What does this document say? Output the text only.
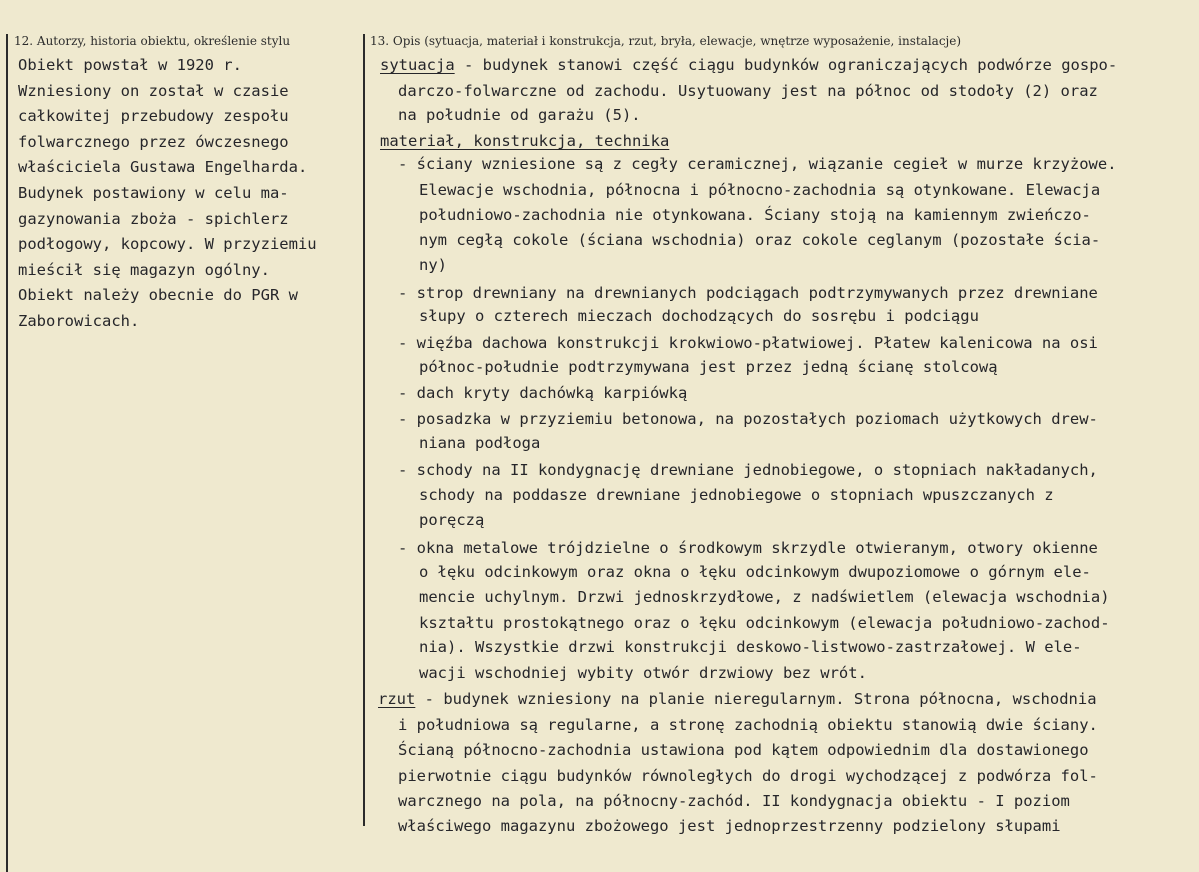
12. Autorzy, historia obiektu, określenie stylu	13. Opis (sytuacja, materiał i konstrukcja, rzut, bryła, elewacje, wnętrze wyposażenie, instalacje)
Obiekt powstał w 1920 r.
Wzniesiony on został w czasie
całkowitej przebudowy zespołu
folwarcznego przez ówczesnego
właściciela Gustawa Engelharda.
Budynek postawiony w celu ma-
gazynowania zboża - spichlerz
podłogowy, kopcowy. W przyziemiu
mieścił się magazyn ogólny.
Obiekt należy obecnie do PGR w
Zaborowicach.
sytuacja - budynek stanowi część ciągu budynków ograniczających podwórze gospo-
darczo-folwarczne od zachodu. Usytuowany jest na północ od stodoły (2) oraz
na południe od garażu (5).
materiał, konstrukcja, technika
- ściany wzniesione są z cegły ceramicznej, wiązanie cegieł w murze krzyżowe.
Elewacje wschodnia, północna i północno-zachodnia są otynkowane. Elewacja
południowo-zachodnia nie otynkowana. Ściany stoją na kamiennym zwieńczo-
nym cegłą cokole (ściana wschodnia) oraz cokole ceglanym (pozostałe ścia-
ny)
- strop drewniany na drewnianych podciągach podtrzymywanych przez drewniane
słupy o czterech mieczach dochodzących do sosrębu i podciągu
- więźba dachowa konstrukcji krokwiowo-płatwiowej. Płatew kalenicowa na osi
północ-południe podtrzymywana jest przez jedną ścianę stolcową
- dach kryty dachówką karpiówką
- posadzka w przyziemiu betonowa, na pozostałych poziomach użytkowych drew-
niana podłoga
- schody na II kondygnację drewniane jednobiegowe, o stopniach nakładanych,
schody na poddasze drewniane jednobiegowe o stopniach wpuszczanych z
poręczą
- okna metalowe trójdzielne o środkowym skrzydle otwieranym, otwory okienne
o łęku odcinkowym oraz okna o łęku odcinkowym dwupoziomowe o górnym ele-
mencie uchylnym. Drzwi jednoskrzydłowe, z nadświetlem (elewacja wschodnia)
kształtu prostokątnego oraz o łęku odcinkowym (elewacja południowo-zachod-
nia). Wszystkie drzwi konstrukcji deskowo-listwowo-zastrzałowej. W ele-
wacji wschodniej wybity otwór drzwiowy bez wrót.
rzut - budynek wzniesiony na planie nieregularnym. Strona północna, wschodnia
i południowa są regularne, a stronę zachodnią obiektu stanowią dwie ściany.
Ścianą północno-zachodnia ustawiona pod kątem odpowiednim dla dostawionego
pierwotnie ciągu budynków równoległych do drogi wychodzącej z podwórza fol-
warcznego na pola, na północny-zachód. II kondygnacja obiektu - I poziom
właściwego magazynu zbożowego jest jednoprzestrzenny podzielony słupami
